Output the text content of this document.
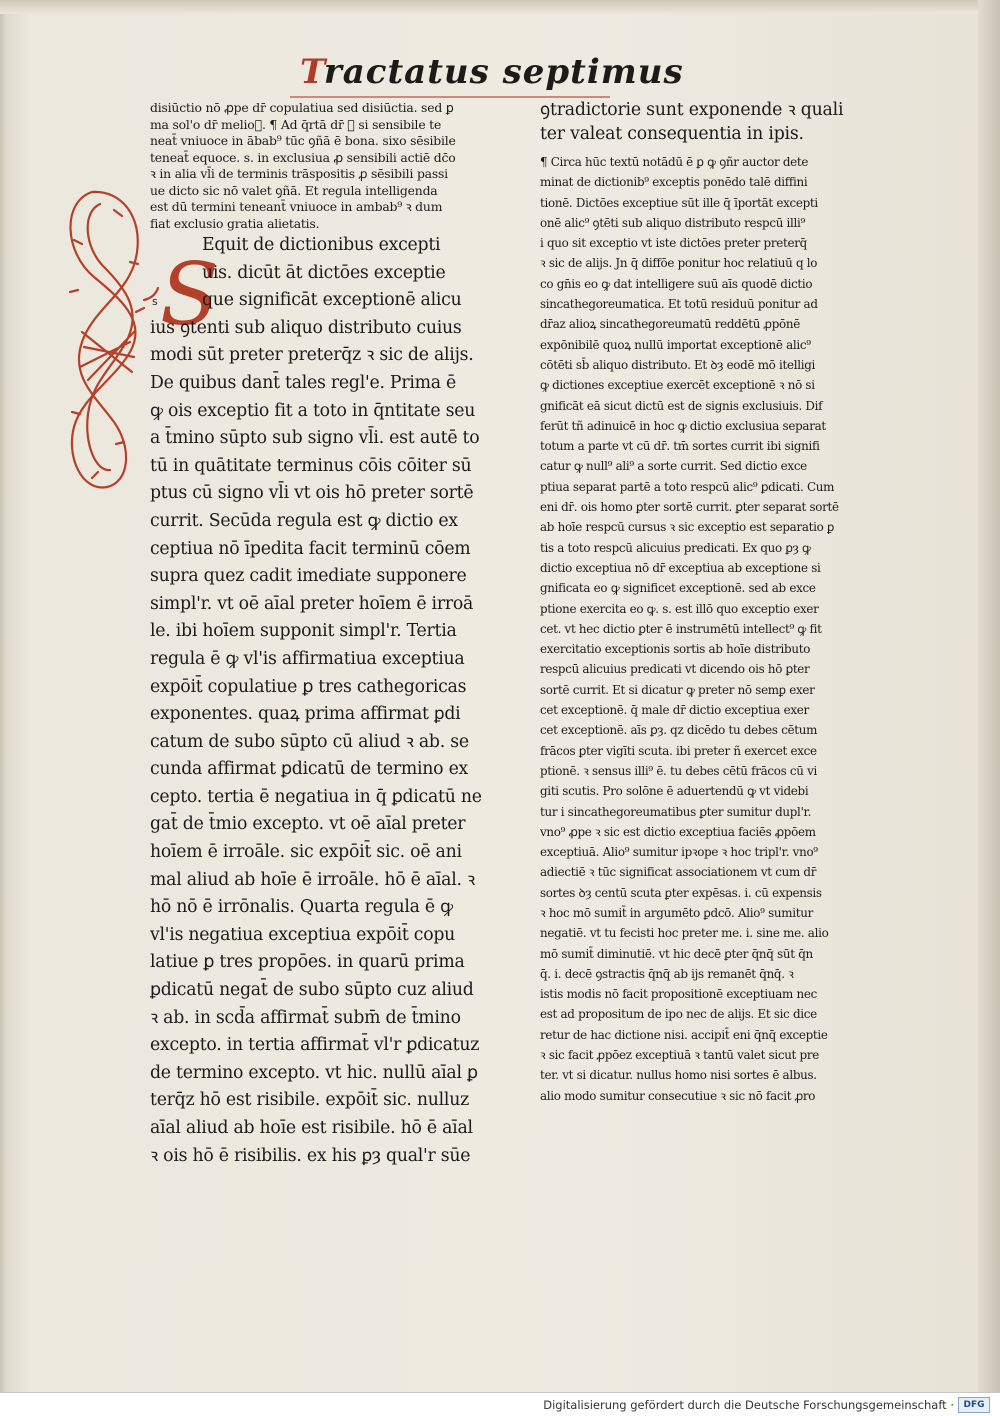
Tractatus septimus
S
s
disiūctio nō ꝓpe dr̄ copulatiua sed disiūctia. sed ꝑ
ma sol'o dr̄ melio᷑. ¶ Ad q̄rtā dr̄ ꝙ si sensibile te
neat̄ vniuoce in ābab⁹ tūc ꝯñā ē bona. sixo sēsibile
teneat̄ equoce. s. in exclusiua ꝓ sensibili actiē dc̄o
ꝛ in alia vl̄i de terminis trāspositis ꝓ sēsibili passi
ue dicto sic nō valet ꝯñā. Et regula intelligenda
est dū termini teneant̄ vniuoce in ambab⁹ ꝛ dum
fiat exclusio gratia alietatis.
Equit de dictionibus excepti
uis. dicūt āt dictōes exceptie
que significāt exceptionē alicu
ius ꝯtenti sub aliquo distributo cuius
modi sūt preter preterq̄z ꝛ sic de alijs.
De quibus dant̄ tales regl'e. Prima ē
ꝙ ois exceptio fit a toto in q̄ntitate seu
a t̄mino sūpto sub signo vl̄i. est autē to
tū in quātitate terminus cōis cōiter sū
ptus cū signo vl̄i vt ois hō preter sortē
currit. Secūda regula est ꝙ dictio ex
ceptiua nō īpedita facit terminū cōem
supra quez cadit imediate supponere
simpl'r. vt oē aīal preter hoīem ē irroā
le. ibi hoīem supponit simpl'r. Tertia
regula ē ꝙ vl'is affirmatiua exceptiua
expōit̄ copulatiue ꝑ tres cathegoricas
exponentes. quaꝝ prima affirmat ꝑdi
catum de subo sūpto cū aliud ꝛ ab. se
cunda affirmat ꝑdicatū de termino ex
cepto. tertia ē negatiua in q̄ ꝑdicatū ne
gat̄ de t̄mio excepto. vt oē aīal preter
hoīem ē irroāle. sic expōit̄ sic. oē ani
mal aliud ab hoīe ē irroāle. hō ē aīal. ꝛ
hō nō ē irrōnalis. Quarta regula ē ꝙ
vl'is negatiua exceptiua expōit̄ copu
latiue ꝑ tres propōes. in quarū prima
ꝑdicatū negat̄ de subo sūpto cuz aliud
ꝛ ab. in scd̄a affirmat̄ subm̄ de t̄mino
excepto. in tertia affirmat̄ vl'r ꝑdicatuz
de termino excepto. vt hic. nullū aīal ꝑ
terq̄z hō est risibile. expōit̄ sic. nulluz
aīal aliud ab hoīe est risibile. hō ē aīal
ꝛ ois hō ē risibilis. ex his ꝑȝ qual'r sūe
ꝯtradictorie sunt exponende ꝛ quali
ter valeat consequentia in ipis.
¶ Circa hūc textū notādū ē ꝑ ꝙ ꝯñr auctor dete
minat de dictionib⁹ exceptis ponēdo talē diffini
tionē. Dictōes exceptiue sūt ille q̄ īportāt excepti
onē alic⁹ ꝯtēti sub aliquo distributo respcū illi⁹
i quo sit exceptio vt iste dictōes preter preterq̄
ꝛ sic de alijs. Jn q̄ diffōe ponitur hoc relatiuū q lo
co gn̄is eo ꝙ dat intelligere suū aīs quodē dictio
sincathegoreumatica. Et totū residuū ponitur ad
dr̄az alioꝝ sincathegoreumatū reddētū ꝓpōnē
expōnibilē quoꝝ nullū importat exceptionē alic⁹
cōtēti sb̄ aliquo distributo. Et ꝺȝ eodē mō itelligi
ꝙ dictiones exceptiue exercēt exceptionē ꝛ nō si
gnificāt eā sicut dictū est de signis exclusiuis. Dif
ferūt tñ adinuicē in hoc ꝙ dictio exclusiua separat
totum a parte vt cū dr̄. tm̄ sortes currit ibi signifi
catur ꝙ null⁹ ali⁹ a sorte currit. Sed dictio exce
ptiua separat partē a toto respcū alic⁹ ꝑdicati. Cum
eni dr̄. ois homo ꝑter sortē currit. ꝑter separat sortē
ab hoīe respcū cursus ꝛ sic exceptio est separatio ꝑ
tis a toto respcū alicuius predicati. Ex quo ꝑȝ ꝙ
dictio exceptiua nō dr̄ exceptiua ab exceptione si
gnificata eo ꝙ significet exceptionē. sed ab exce
ptione exercita eo ꝙ. s. est illō quo exceptio exer
cet. vt hec dictio ꝑter ē instrumētū intellect⁹ ꝙ fit
exercitatio exceptionis sortis ab hoīe distributo
respcū alicuius predicati vt dicendo ois hō ꝑter
sortē currit. Et si dicatur ꝙ preter nō semꝑ exer
cet exceptionē. q̄ male dr̄ dictio exceptiua exer
cet exceptionē. aīs ꝑȝ. qz dicēdo tu debes cētum
frācos ꝑter vigīti scuta. ibi preter ñ exercet exce
ptionē. ꝛ sensus illi⁹ ē. tu debes cētū frācos cū vi
giti scutis. Pro solōne ē aduertendū ꝙ vt videbi
tur i sincathegoreumatibus ꝑter sumitur dupl'r.
vno⁹ ꝓpe ꝛ sic est dictio exceptiua faciēs ꝓpōem
exceptiuā. Alio⁹ sumitur ipꝛope ꝛ hoc tripl'r. vno⁹
adiectiē ꝛ tūc significat associationem vt cum dr̄
sortes ꝺȝ centū scuta ꝑter expēsas. i. cū expensis
ꝛ hoc mō sumit̄ in argumēto ꝑdcō. Alio⁹ sumitur
negatiē. vt tu fecisti hoc preter me. i. sine me. alio
mō sumit̄ diminutiē. vt hic decē ꝑter q̄nq̄ sūt q̄n
q̄. i. decē ꝯstractis q̄nq̄ ab ijs remanēt q̄nq̄. ꝛ
istis modis nō facit propositionē exceptiuam nec
est ad propositum de ipo nec de alijs. Et sic dice
retur de hac dictione nisi. accipit̄ eni q̄nq̄ exceptie
ꝛ sic facit ꝓpōez exceptiuā ꝛ tantū valet sicut pre
ter. vt si dicatur. nullus homo nisi sortes ē albus.
alio modo sumitur consecutiue ꝛ sic nō facit ꝓro
Digitalisierung gefördert durch die Deutsche Forschungsgemeinschaft ·	DFG
